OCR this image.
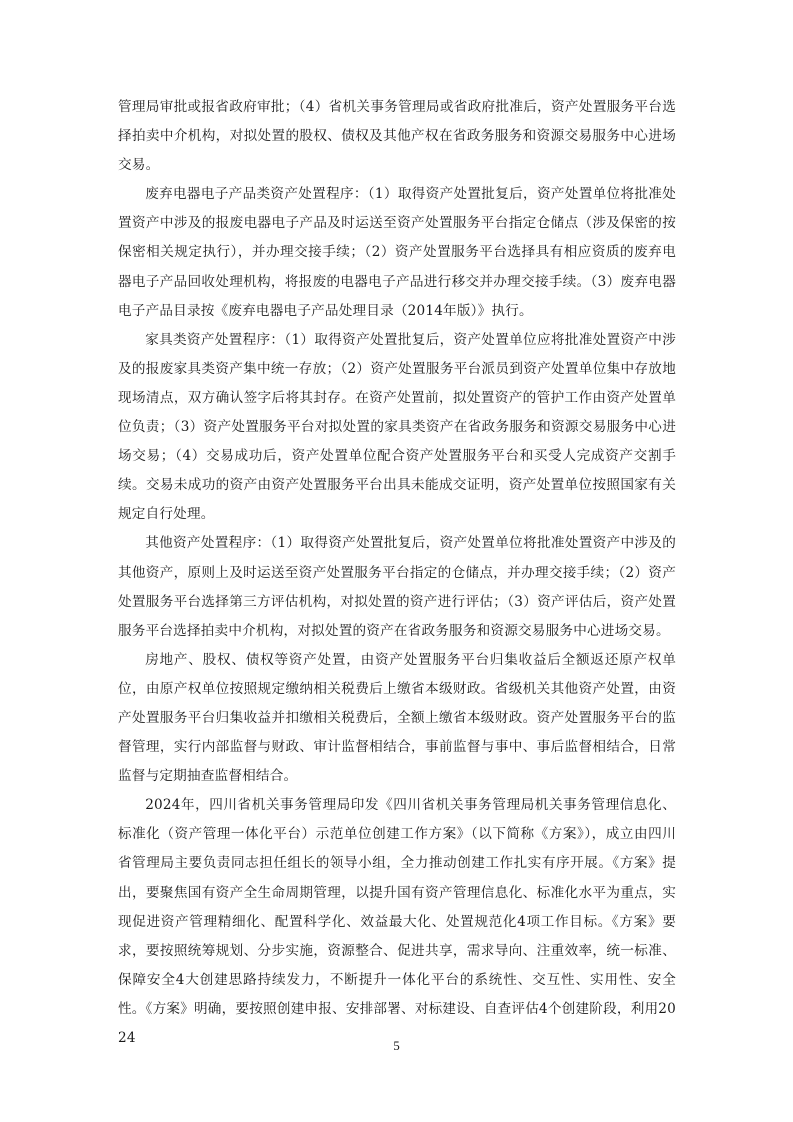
管理局审批或报省政府审批；（4）省机关事务管理局或省政府批准后，资产处置服务平台选择拍卖中介机构，对拟处置的股权、债权及其他产权在省政务服务和资源交易服务中心进场交易。

废弃电器电子产品类资产处置程序：（1）取得资产处置批复后，资产处置单位将批准处置资产中涉及的报废电器电子产品及时运送至资产处置服务平台指定仓储点（涉及保密的按保密相关规定执行），并办理交接手续；（2）资产处置服务平台选择具有相应资质的废弃电器电子产品回收处理机构，将报废的电器电子产品进行移交并办理交接手续。（3）废弃电器电子产品目录按《废弃电器电子产品处理目录（2014年版）》执行。

家具类资产处置程序：（1）取得资产处置批复后，资产处置单位应将批准处置资产中涉及的报废家具类资产集中统一存放；（2）资产处置服务平台派员到资产处置单位集中存放地现场清点，双方确认签字后将其封存。在资产处置前，拟处置资产的管护工作由资产处置单位负责；（3）资产处置服务平台对拟处置的家具类资产在省政务服务和资源交易服务中心进场交易；（4）交易成功后，资产处置单位配合资产处置服务平台和买受人完成资产交割手续。交易未成功的资产由资产处置服务平台出具未能成交证明，资产处置单位按照国家有关规定自行处理。

其他资产处置程序：（1）取得资产处置批复后，资产处置单位将批准处置资产中涉及的其他资产，原则上及时运送至资产处置服务平台指定的仓储点，并办理交接手续；（2）资产处置服务平台选择第三方评估机构，对拟处置的资产进行评估；（3）资产评估后，资产处置服务平台选择拍卖中介机构，对拟处置的资产在省政务服务和资源交易服务中心进场交易。

房地产、股权、债权等资产处置，由资产处置服务平台归集收益后全额返还原产权单位，由原产权单位按照规定缴纳相关税费后上缴省本级财政。省级机关其他资产处置，由资产处置服务平台归集收益并扣缴相关税费后，全额上缴省本级财政。资产处置服务平台的监督管理，实行内部监督与财政、审计监督相结合，事前监督与事中、事后监督相结合，日常监督与定期抽查监督相结合。

2024年，四川省机关事务管理局印发《四川省机关事务管理局机关事务管理信息化、标准化（资产管理一体化平台）示范单位创建工作方案》（以下简称《方案》），成立由四川省管理局主要负责同志担任组长的领导小组，全力推动创建工作扎实有序开展。《方案》提出，要聚焦国有资产全生命周期管理，以提升国有资产管理信息化、标准化水平为重点，实现促进资产管理精细化、配置科学化、效益最大化、处置规范化4项工作目标。《方案》要求，要按照统筹规划、分步实施，资源整合、促进共享，需求导向、注重效率，统一标准、保障安全4大创建思路持续发力，不断提升一体化平台的系统性、交互性、实用性、安全性。《方案》明确，要按照创建申报、安排部署、对标建设、自查评估4个创建阶段，利用2024	5
